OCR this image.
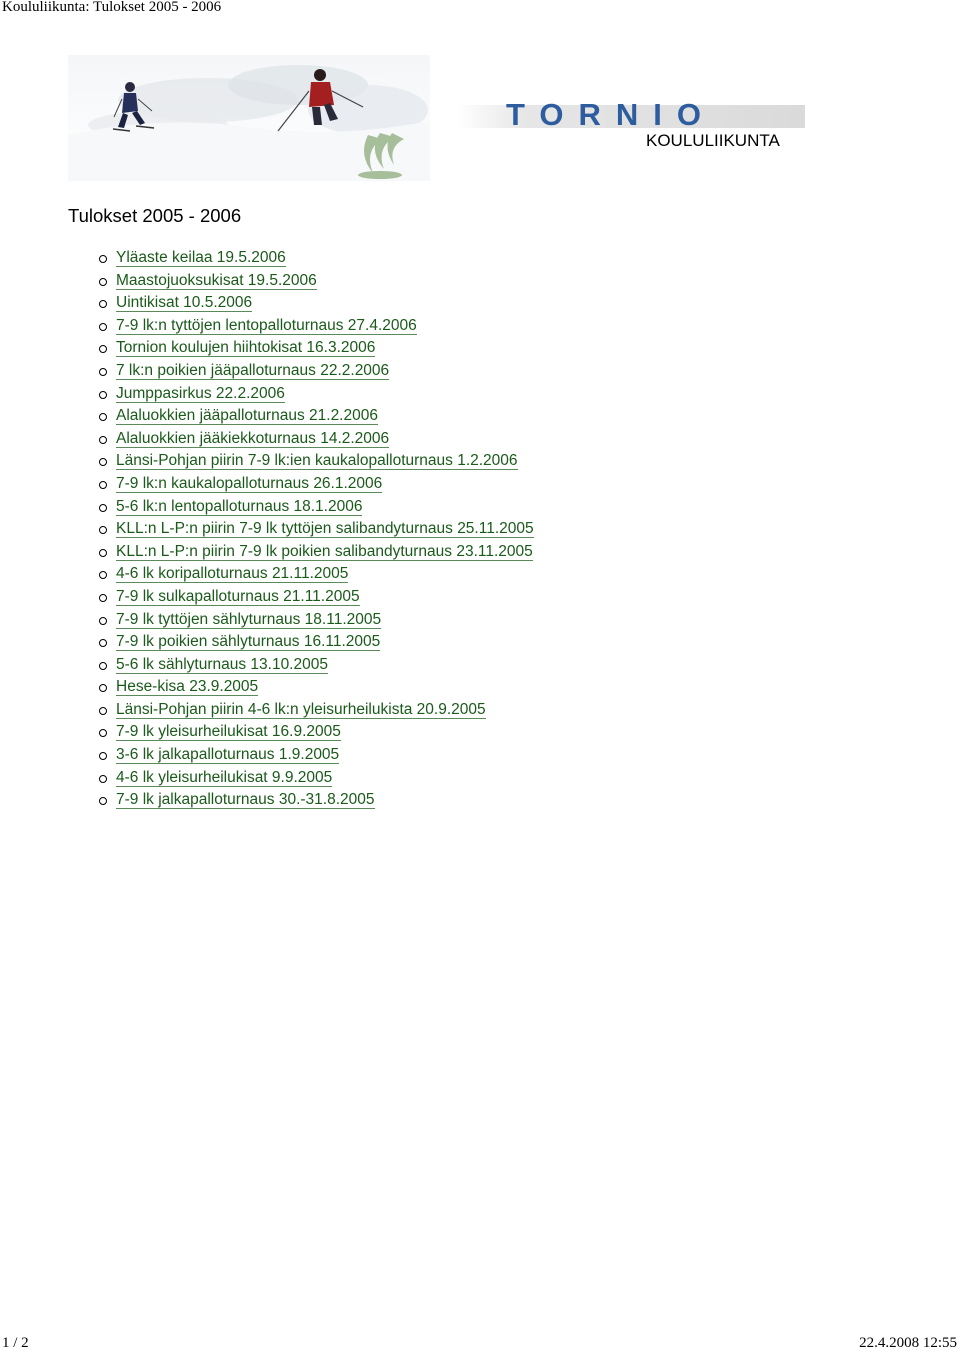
Koululiikunta: Tulokset 2005 - 2006
TORNIO
KOULULIIKUNTA
Tulokset 2005 - 2006
Yläaste keilaa 19.5.2006
Maastojuoksukisat 19.5.2006
Uintikisat 10.5.2006
7-9 lk:n tyttöjen lentopalloturnaus 27.4.2006
Tornion koulujen hiihtokisat 16.3.2006
7 lk:n poikien jääpalloturnaus 22.2.2006
Jumppasirkus 22.2.2006
Alaluokkien jääpalloturnaus 21.2.2006
Alaluokkien jääkiekkoturnaus 14.2.2006
Länsi-Pohjan piirin 7-9 lk:ien kaukalopalloturnaus 1.2.2006
7-9 lk:n kaukalopalloturnaus 26.1.2006
5-6 lk:n lentopalloturnaus 18.1.2006
KLL:n L-P:n piirin 7-9 lk tyttöjen salibandyturnaus 25.11.2005
KLL:n L-P:n piirin 7-9 lk poikien salibandyturnaus 23.11.2005
4-6 lk koripalloturnaus 21.11.2005
7-9 lk sulkapalloturnaus 21.11.2005
7-9 lk tyttöjen sählyturnaus 18.11.2005
7-9 lk poikien sählyturnaus 16.11.2005
5-6 lk sählyturnaus 13.10.2005
Hese-kisa 23.9.2005
Länsi-Pohjan piirin 4-6 lk:n yleisurheilukista 20.9.2005
7-9 lk yleisurheilukisat 16.9.2005
3-6 lk jalkapalloturnaus 1.9.2005
4-6 lk yleisurheilukisat 9.9.2005
7-9 lk jalkapalloturnaus 30.-31.8.2005
1 / 2	22.4.2008 12:55
